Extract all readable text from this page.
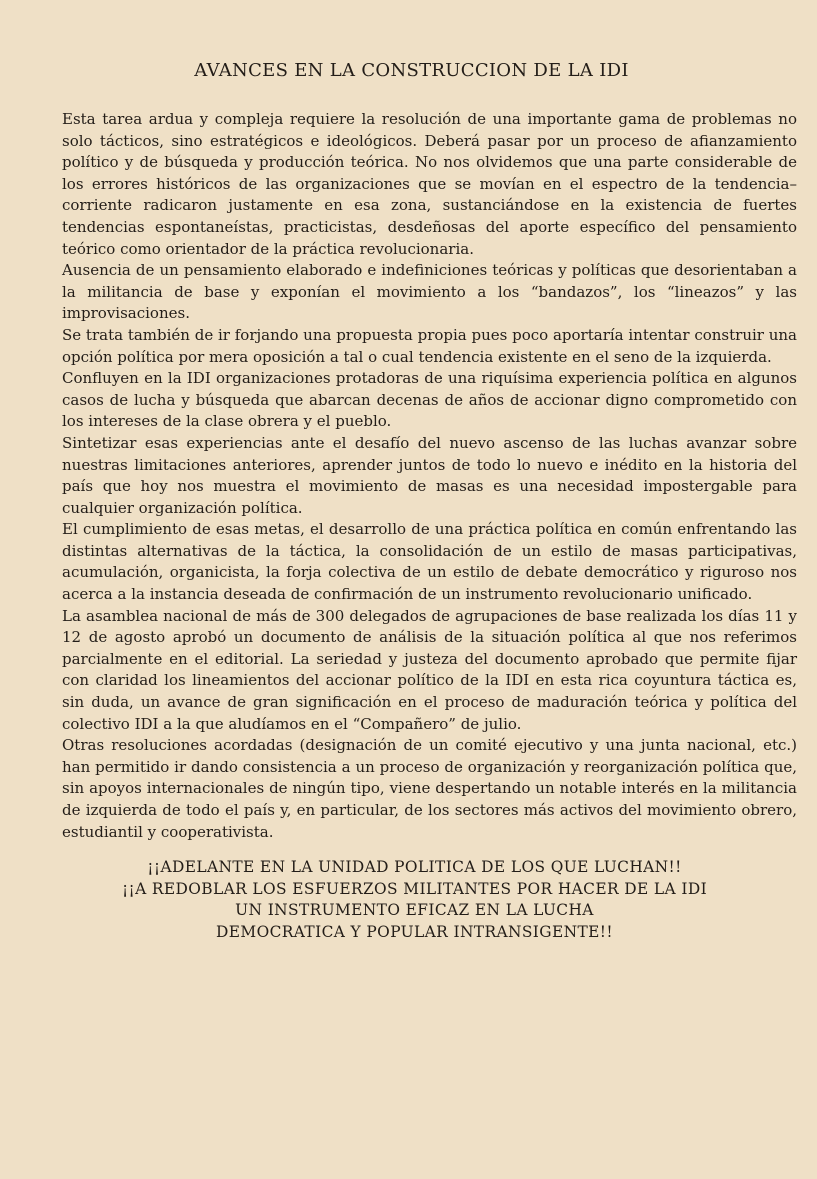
AVANCES EN LA CONSTRUCCION DE LA IDI

Esta tarea ardua y compleja requiere la resolución de una importante gama de problemas no solo tácticos, sino estratégicos e ideológicos. Deberá pasar por un proceso de afianzamiento político y de búsqueda y producción teórica. No nos olvidemos que una parte considerable de los errores históricos de las organizaciones que se movían en el espectro de la tendencia–corriente radicaron justamente en esa zona, sustanciándose en la existencia de fuertes tendencias espontaneístas, practicistas, desdeñosas del aporte específico del pensamiento teórico como orientador de la práctica revolucionaria.

Ausencia de un pensamiento elaborado e indefiniciones teóricas y políticas que desorientaban a la militancia de base y exponían el movimiento a los “bandazos”, los “lineazos” y las improvisaciones.

Se trata también de ir forjando una propuesta propia pues poco aportaría intentar construir una opción política por mera oposición a tal o cual tendencia existente en el seno de la izquierda.

Confluyen en la IDI organizaciones protadoras de una riquísima experiencia política en algunos casos de lucha y búsqueda que abarcan decenas de años de accionar digno comprometido con los intereses de la clase obrera y el pueblo.

Sintetizar esas experiencias ante el desafío del nuevo ascenso de las luchas avanzar sobre nuestras limitaciones anteriores, aprender juntos de todo lo nuevo e inédito en la historia del país que hoy nos muestra el movimiento de masas es una necesidad impostergable para cualquier organización política.

El cumplimiento de esas metas, el desarrollo de una práctica política en común enfrentando las distintas alternativas de la táctica, la consolidación de un estilo de masas participativas, acumulación, organicista, la forja colectiva de un estilo de debate democrático y riguroso nos acerca a la instancia deseada de confirmación de un instrumento revolucionario unificado.

La asamblea nacional de más de 300 delegados de agrupaciones de base realizada los días 11 y 12 de agosto aprobó un documento de análisis de la situación política al que nos referimos parcialmente en el editorial. La seriedad y justeza del documento aprobado que permite fijar con claridad los lineamientos del accionar político de la IDI en esta rica coyuntura táctica es, sin duda, un avance de gran significación en el proceso de maduración teórica y política del colectivo IDI a la que aludíamos en el “Compañero” de julio.

Otras resoluciones acordadas (designación de un comité ejecutivo y una junta nacional, etc.) han permitido ir dando consistencia a un proceso de organización y reorganización política que, sin apoyos internacionales de ningún tipo, viene despertando un notable interés en la militancia de izquierda de todo el país y, en particular, de los sectores más activos del movimiento obrero, estudiantil y cooperativista.

¡¡ADELANTE EN LA UNIDAD POLITICA DE LOS QUE LUCHAN!!
¡¡A REDOBLAR LOS ESFUERZOS MILITANTES POR HACER DE LA IDI
UN INSTRUMENTO EFICAZ EN LA LUCHA
DEMOCRATICA Y POPULAR INTRANSIGENTE!!
